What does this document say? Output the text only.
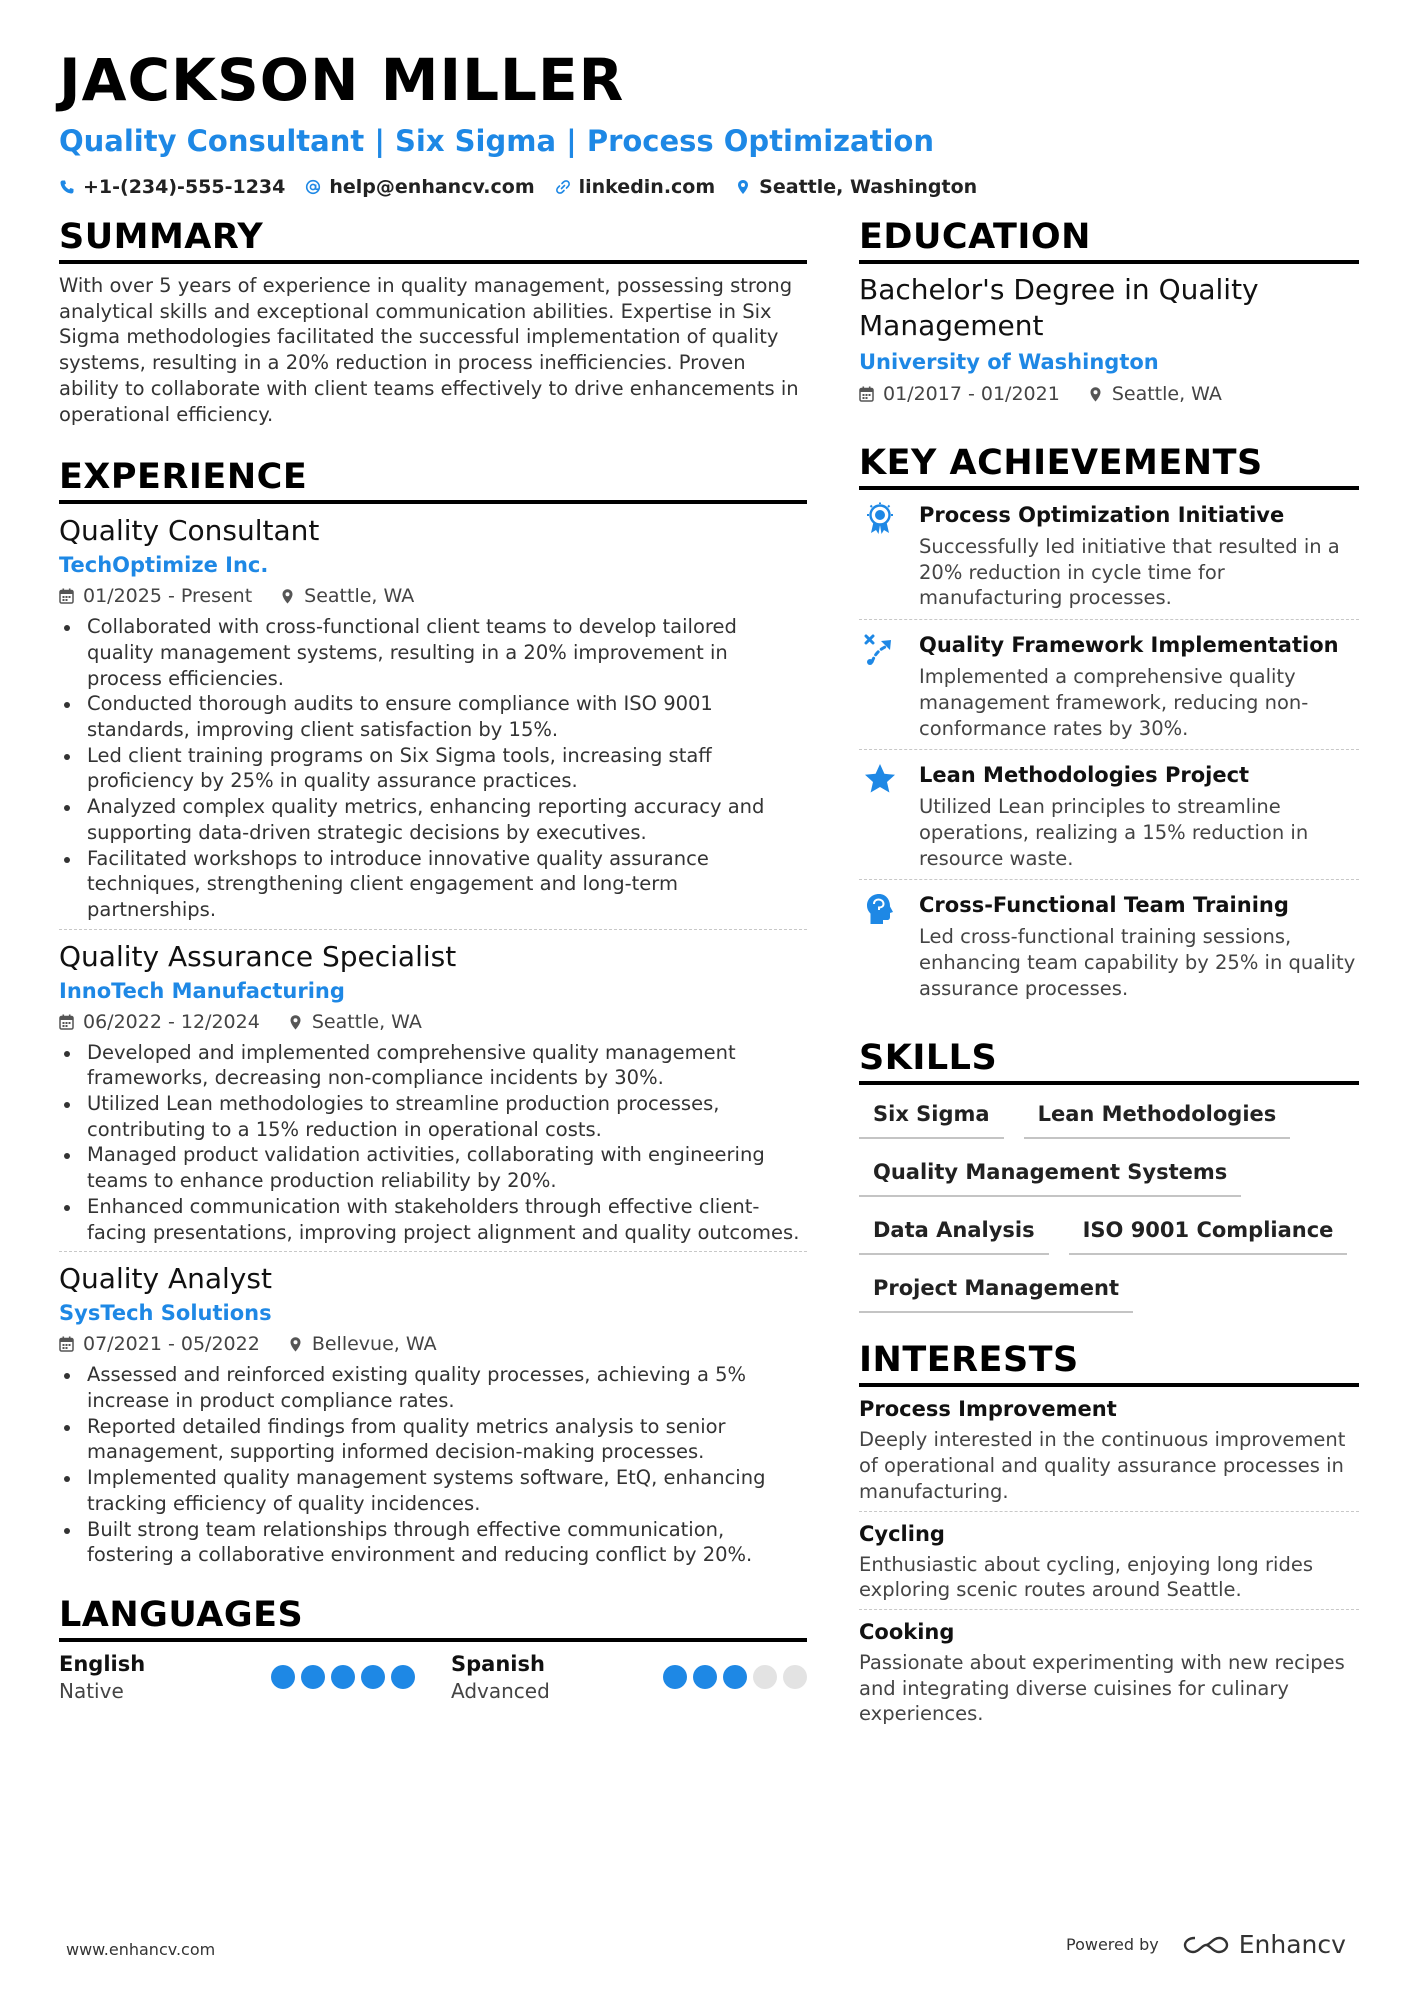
JACKSON MILLER
Quality Consultant | Six Sigma | Process Optimization
+1-(234)-555-1234 help@enhancv.com linkedin.com Seattle, Washington
SUMMARY
With over 5 years of experience in quality management, possessing strong analytical skills and exceptional communication abilities. Expertise in Six Sigma methodologies facilitated the successful implementation of quality systems, resulting in a 20% reduction in process inefficiencies. Proven ability to collaborate with client teams effectively to drive enhancements in operational efficiency.
EXPERIENCE
Quality Consultant
TechOptimize Inc.
01/2025 - Present	Seattle, WA
Collaborated with cross-functional client teams to develop tailored quality management systems, resulting in a 20% improvement in process efficiencies.
Conducted thorough audits to ensure compliance with ISO 9001 standards, improving client satisfaction by 15%.
Led client training programs on Six Sigma tools, increasing staff proficiency by 25% in quality assurance practices.
Analyzed complex quality metrics, enhancing reporting accuracy and supporting data-driven strategic decisions by executives.
Facilitated workshops to introduce innovative quality assurance techniques, strengthening client engagement and long-term partnerships.
Quality Assurance Specialist
InnoTech Manufacturing
06/2022 - 12/2024	Seattle, WA
Developed and implemented comprehensive quality management frameworks, decreasing non-compliance incidents by 30%.
Utilized Lean methodologies to streamline production processes, contributing to a 15% reduction in operational costs.
Managed product validation activities, collaborating with engineering teams to enhance production reliability by 20%.
Enhanced communication with stakeholders through effective client-facing presentations, improving project alignment and quality outcomes.
Quality Analyst
SysTech Solutions
07/2021 - 05/2022	Bellevue, WA
Assessed and reinforced existing quality processes, achieving a 5% increase in product compliance rates.
Reported detailed findings from quality metrics analysis to senior management, supporting informed decision-making processes.
Implemented quality management systems software, EtQ, enhancing tracking efficiency of quality incidences.
Built strong team relationships through effective communication, fostering a collaborative environment and reducing conflict by 20%.
LANGUAGES
English
Native
Spanish
Advanced
EDUCATION
Bachelor's Degree in Quality Management
University of Washington
01/2017 - 01/2021	Seattle, WA
KEY ACHIEVEMENTS
Process Optimization Initiative
Successfully led initiative that resulted in a 20% reduction in cycle time for manufacturing processes.
Quality Framework Implementation
Implemented a comprehensive quality management framework, reducing non-conformance rates by 30%.
Lean Methodologies Project
Utilized Lean principles to streamline operations, realizing a 15% reduction in resource waste.
Cross-Functional Team Training
Led cross-functional training sessions, enhancing team capability by 25% in quality assurance processes.
SKILLS
Six Sigma	Lean Methodologies
Quality Management Systems
Data Analysis	ISO 9001 Compliance
Project Management
INTERESTS
Process Improvement
Deeply interested in the continuous improvement of operational and quality assurance processes in manufacturing.
Cycling
Enthusiastic about cycling, enjoying long rides exploring scenic routes around Seattle.
Cooking
Passionate about experimenting with new recipes and integrating diverse cuisines for culinary experiences.
www.enhancv.com	Powered by	Enhancv
